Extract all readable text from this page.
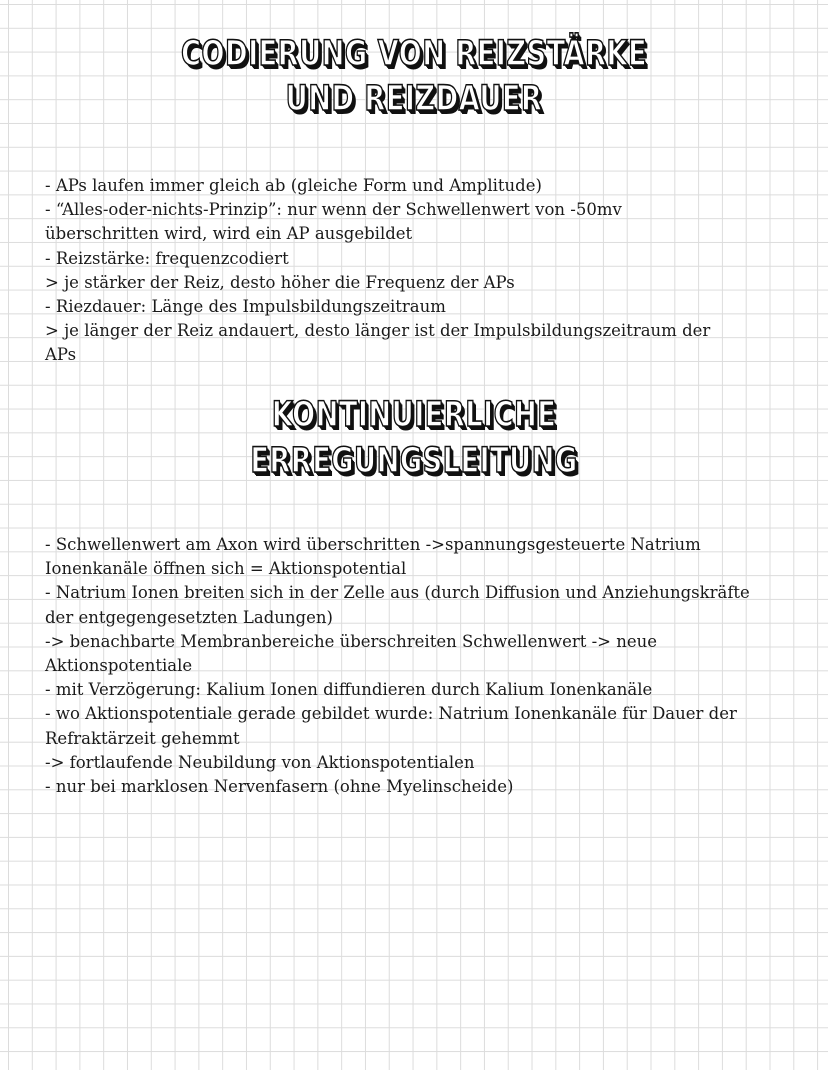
CODIERUNG VON REIZSTÄRKE
UND REIZDAUER
- APs laufen immer gleich ab (gleiche Form und Amplitude)
- “Alles-oder-nichts-Prinzip”: nur wenn der Schwellenwert von -50mv
überschritten wird, wird ein AP ausgebildet
- Reizstärke: frequenzcodiert
> je stärker der Reiz, desto höher die Frequenz der APs
- Riezdauer: Länge des Impulsbildungszeitraum
> je länger der Reiz andauert, desto länger ist der Impulsbildungszeitraum der
APs
KONTINUIERLICHE
ERREGUNGSLEITUNG
- Schwellenwert am Axon wird überschritten ->spannungsgesteuerte Natrium
Ionenkanäle öffnen sich = Aktionspotential
- Natrium Ionen breiten sich in der Zelle aus (durch Diffusion und Anziehungskräfte
der entgegengesetzten Ladungen)
-> benachbarte Membranbereiche überschreiten Schwellenwert -> neue
Aktionspotentiale
- mit Verzögerung: Kalium Ionen diffundieren durch Kalium Ionenkanäle
- wo Aktionspotentiale gerade gebildet wurde: Natrium Ionenkanäle für Dauer der
Refraktärzeit gehemmt
-> fortlaufende Neubildung von Aktionspotentialen
- nur bei marklosen Nervenfasern (ohne Myelinscheide)
